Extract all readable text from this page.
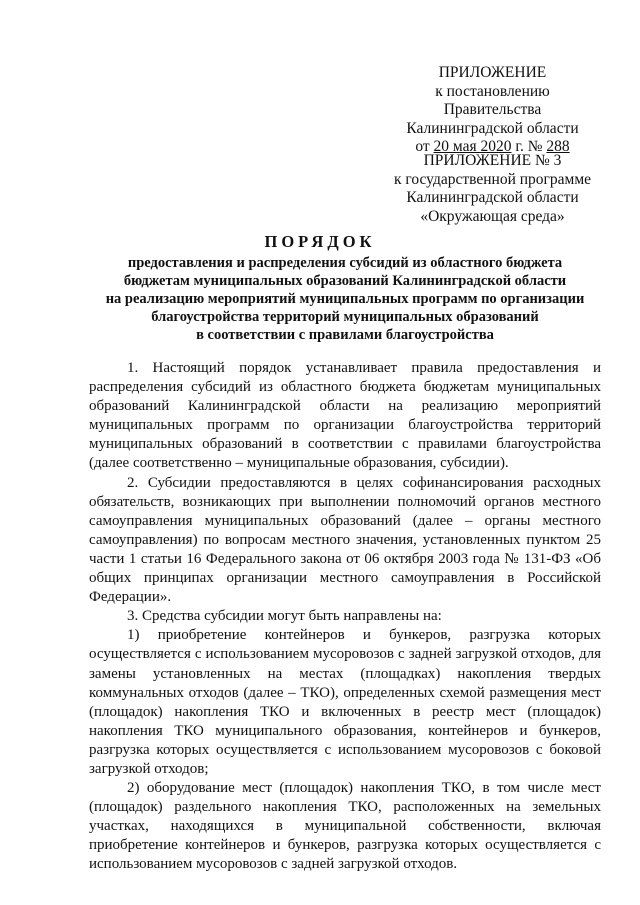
ПРИЛОЖЕНИЕ
к постановлению Правительства
Калининградской области
от 20 мая 2020 г. № 288
ПРИЛОЖЕНИЕ № 3
к государственной программе
Калининградской области
«Окружающая среда»
ПОРЯДОК
предоставления и распределения субсидий из областного бюджета
бюджетам муниципальных образований Калининградской области
на реализацию мероприятий муниципальных программ по организации
благоустройства территорий муниципальных образований
в соответствии с правилами благоустройства

1. Настоящий порядок устанавливает правила предоставления и распределения субсидий из областного бюджета бюджетам муниципальных образований Калининградской области на реализацию мероприятий муниципальных программ по организации благоустройства территорий муниципальных образований в соответствии с правилами благоустройства (далее соответственно – муниципальные образования, субсидии).

2. Субсидии предоставляются в целях софинансирования расходных обязательств, возникающих при выполнении полномочий органов местного самоуправления муниципальных образований (далее – органы местного самоуправления) по вопросам местного значения, установленных пунктом 25 части 1 статьи 16 Федерального закона от 06 октября 2003 года № 131-ФЗ «Об общих принципах организации местного самоуправления в Российской Федерации».

3. Средства субсидии могут быть направлены на:

1) приобретение контейнеров и бункеров, разгрузка которых осуществляется с использованием мусоровозов с задней загрузкой отходов, для замены установленных на местах (площадках) накопления твердых коммунальных отходов (далее – ТКО), определенных схемой размещения мест (площадок) накопления ТКО и включенных в реестр мест (площадок) накопления ТКО муниципального образования, контейнеров и бункеров, разгрузка которых осуществляется с использованием мусоровозов с боковой загрузкой отходов;

2) оборудование мест (площадок) накопления ТКО, в том числе мест (площадок) раздельного накопления ТКО, расположенных на земельных участках, находящихся в муниципальной собственности, включая приобретение контейнеров и бункеров, разгрузка которых осуществляется с использованием мусоровозов с задней загрузкой отходов.
